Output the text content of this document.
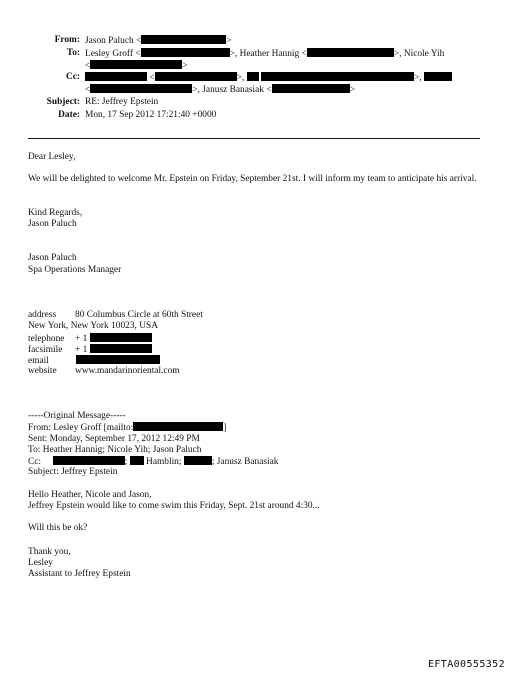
From: Jason Paluch <	>
To: Lesley Groff <	>, Heather Hannig <	>, Nicole Yih
<	>
Cc:	<	>,	>,
<	>, Janusz Banasiak <	>
Subject: RE: Jeffrey Epstein
Date: Mon, 17 Sep 2012 17:21:40 +0000
Dear Lesley,
We will be delighted to welcome Mr. Epstein on Friday, September 21st. I will inform my team to anticipate his arrival.
Kind Regards,
Jason Paluch
Jason Paluch
Spa Operations Manager
address 80 Columbus Circle at 60th Street
New York, New York 10023, USA
telephone + 1
facsimile + 1
email
website www.mandarinoriental.com
-----Original Message-----
From: Lesley Groff [mailto:	]
Sent: Monday, September 17, 2012 12:49 PM
To: Heather Hannig; Nicole Yih; Jason Paluch
Cc:	; Hamblin;	; Janusz Banasiak
Subject: Jeffrey Epstein
Hello Heather, Nicole and Jason,
Jeffrey Epstein would like to come swim this Friday, Sept. 21st around 4:30...
Will this be ok?
Thank you,
Lesley
Assistant to Jeffrey Epstein
EFTA00555352
